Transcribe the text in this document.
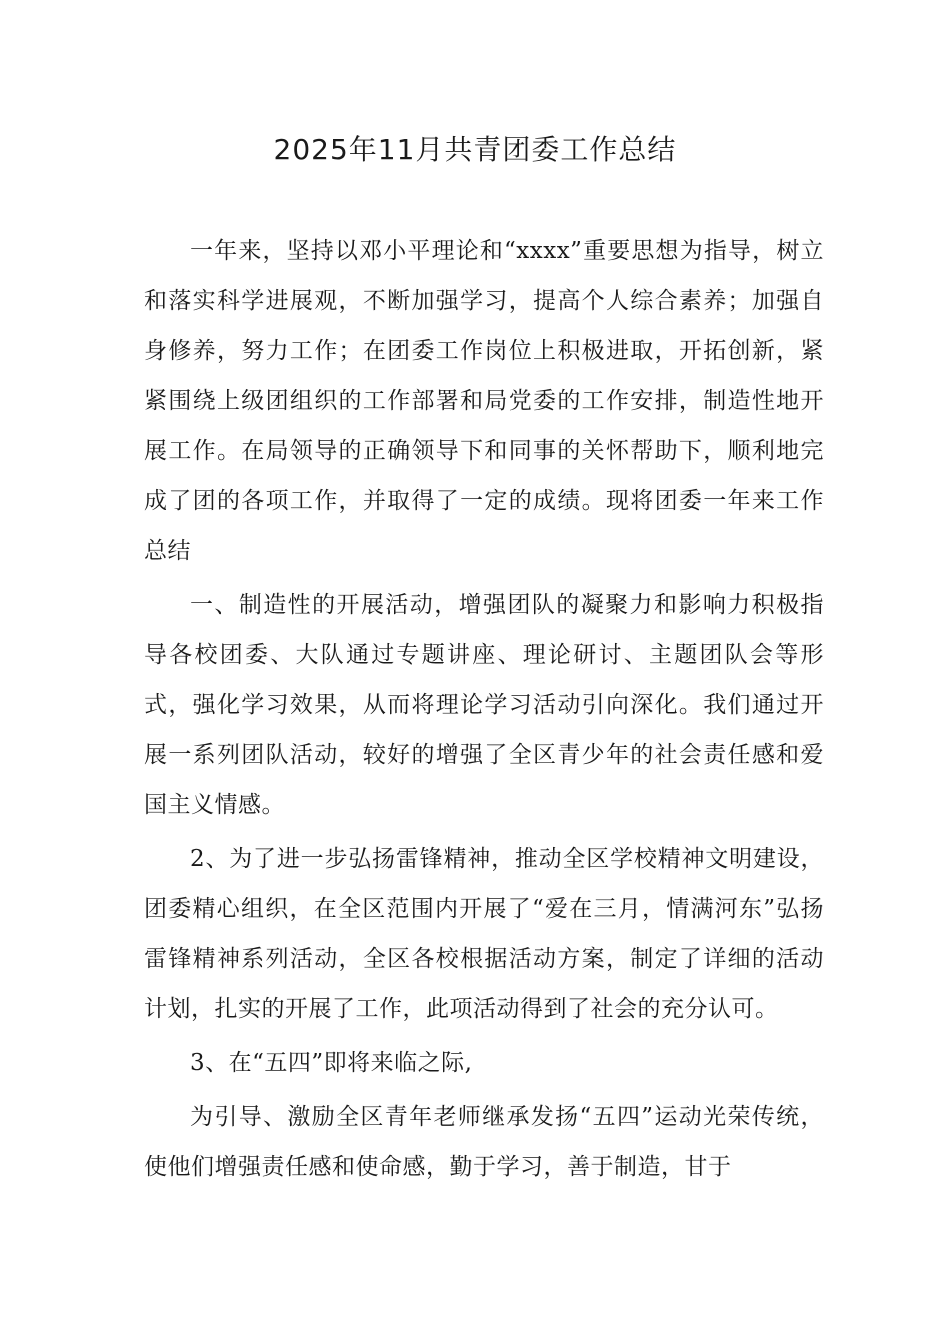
2025年11月共青团委工作总结

一年来，坚持以邓小平理论和“xxxx”重要思想为指导，树立和落实科学进展观，不断加强学习，提高个人综合素养；加强自身修养，努力工作；在团委工作岗位上积极进取，开拓创新，紧紧围绕上级团组织的工作部署和局党委的工作安排，制造性地开展工作。在局领导的正确领导下和同事的关怀帮助下，顺利地完成了团的各项工作，并取得了一定的成绩。现将团委一年来工作总结

一、制造性的开展活动，增强团队的凝聚力和影响力积极指导各校团委、大队通过专题讲座、理论研讨、主题团队会等形式，强化学习效果，从而将理论学习活动引向深化。我们通过开展一系列团队活动，较好的增强了全区青少年的社会责任感和爱国主义情感。

2、为了进一步弘扬雷锋精神，推动全区学校精神文明建设，团委精心组织，在全区范围内开展了“爱在三月，情满河东”弘扬雷锋精神系列活动，全区各校根据活动方案，制定了详细的活动计划，扎实的开展了工作，此项活动得到了社会的充分认可。

3、在“五四”即将来临之际,

为引导、激励全区青年老师继承发扬“五四”运动光荣传统，使他们增强责任感和使命感，勤于学习，善于制造，甘于
